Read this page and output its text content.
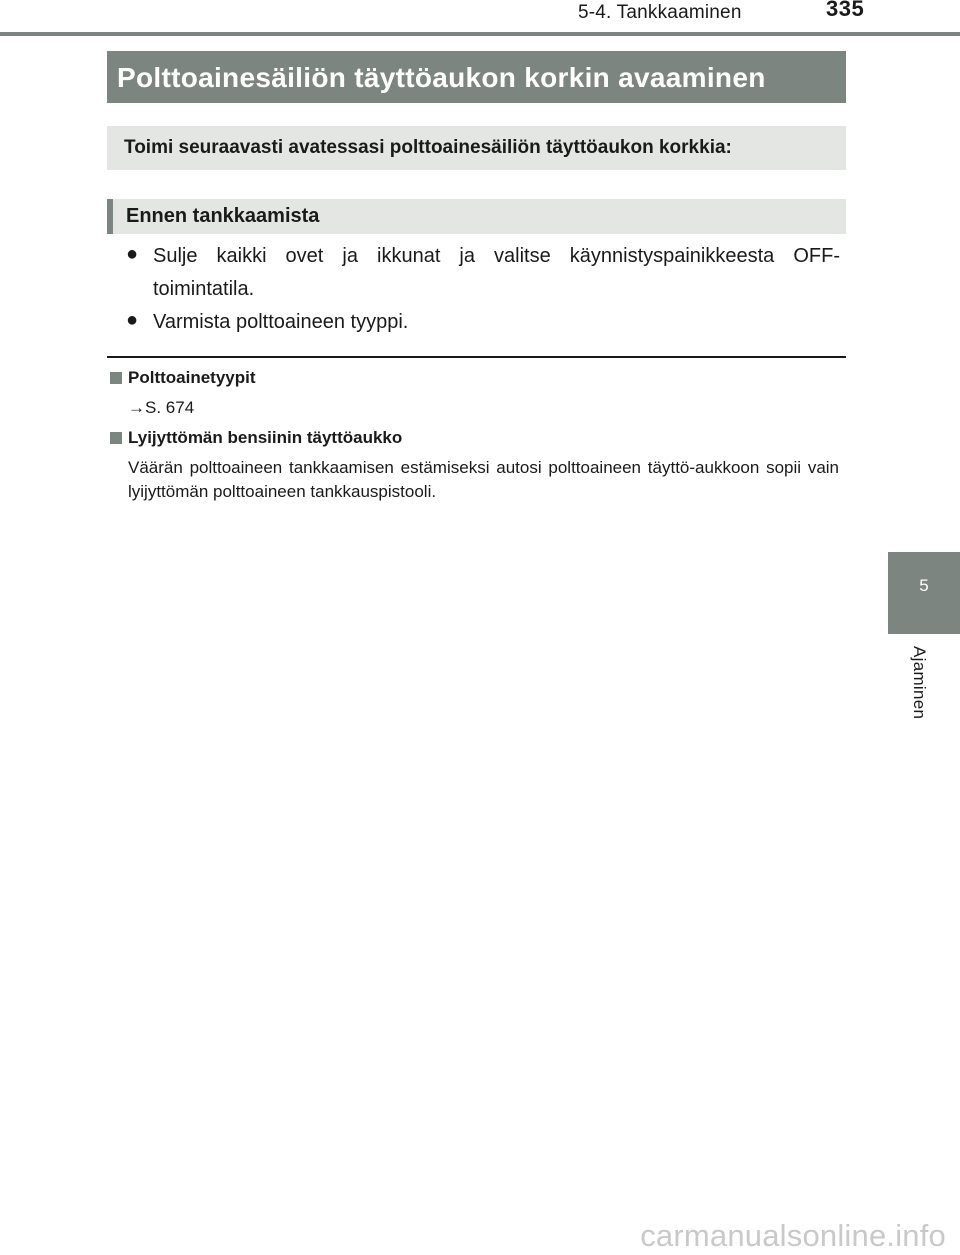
5-4. Tankkaaminen	335
Polttoainesäiliön täyttöaukon korkin avaaminen
Toimi seuraavasti avatessasi polttoainesäiliön täyttöaukon korkkia:
Ennen tankkaamista
● Sulje kaikki ovet ja ikkunat ja valitse käynnistyspainikkeesta OFF-
toimintatila.
● Varmista polttoaineen tyyppi.
Polttoainetyypit
→S. 674
Lyijyttömän bensiinin täyttöaukko
Väärän polttoaineen tankkaamisen estämiseksi autosi polttoaineen täyttö-aukkoon sopii vain lyijyttömän polttoaineen tankkauspistooli.
5
Ajaminen
carmanualsonline.info
